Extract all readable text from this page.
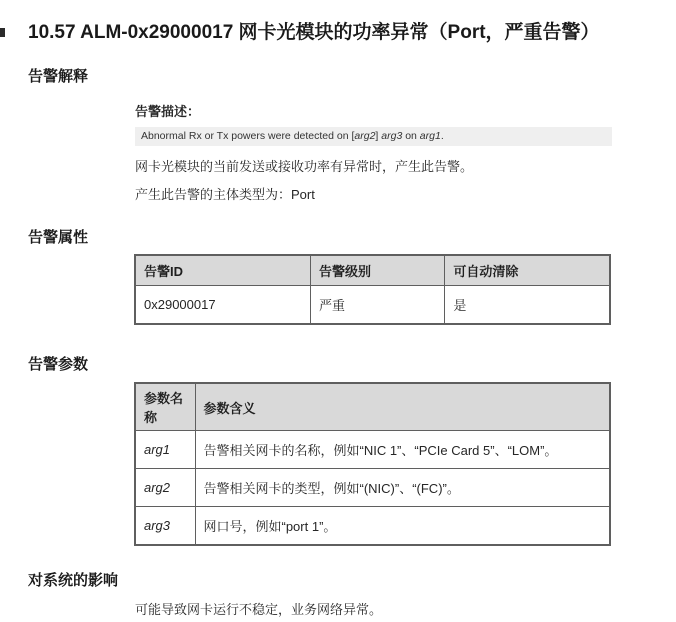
10.57 ALM-0x29000017 网卡光模块的功率异常（Port，严重告警）
告警解释
告警描述：
Abnormal Rx or Tx powers were detected on [arg2] arg3 on arg1.

网卡光模块的当前发送或接收功率有异常时，产生此告警。

产生此告警的主体类型为：Port

告警属性
告警ID	告警级别	可自动清除
0x29000017	严重	是
告警参数
参数名称	参数含义
arg1	告警相关网卡的名称，例如“NIC 1”、“PCIe Card 5”、“LOM”。
arg2	告警相关网卡的类型，例如“(NIC)”、“(FC)”。
arg3	网口号，例如“port 1”。
对系统的影响

可能导致网卡运行不稳定，业务网络异常。
